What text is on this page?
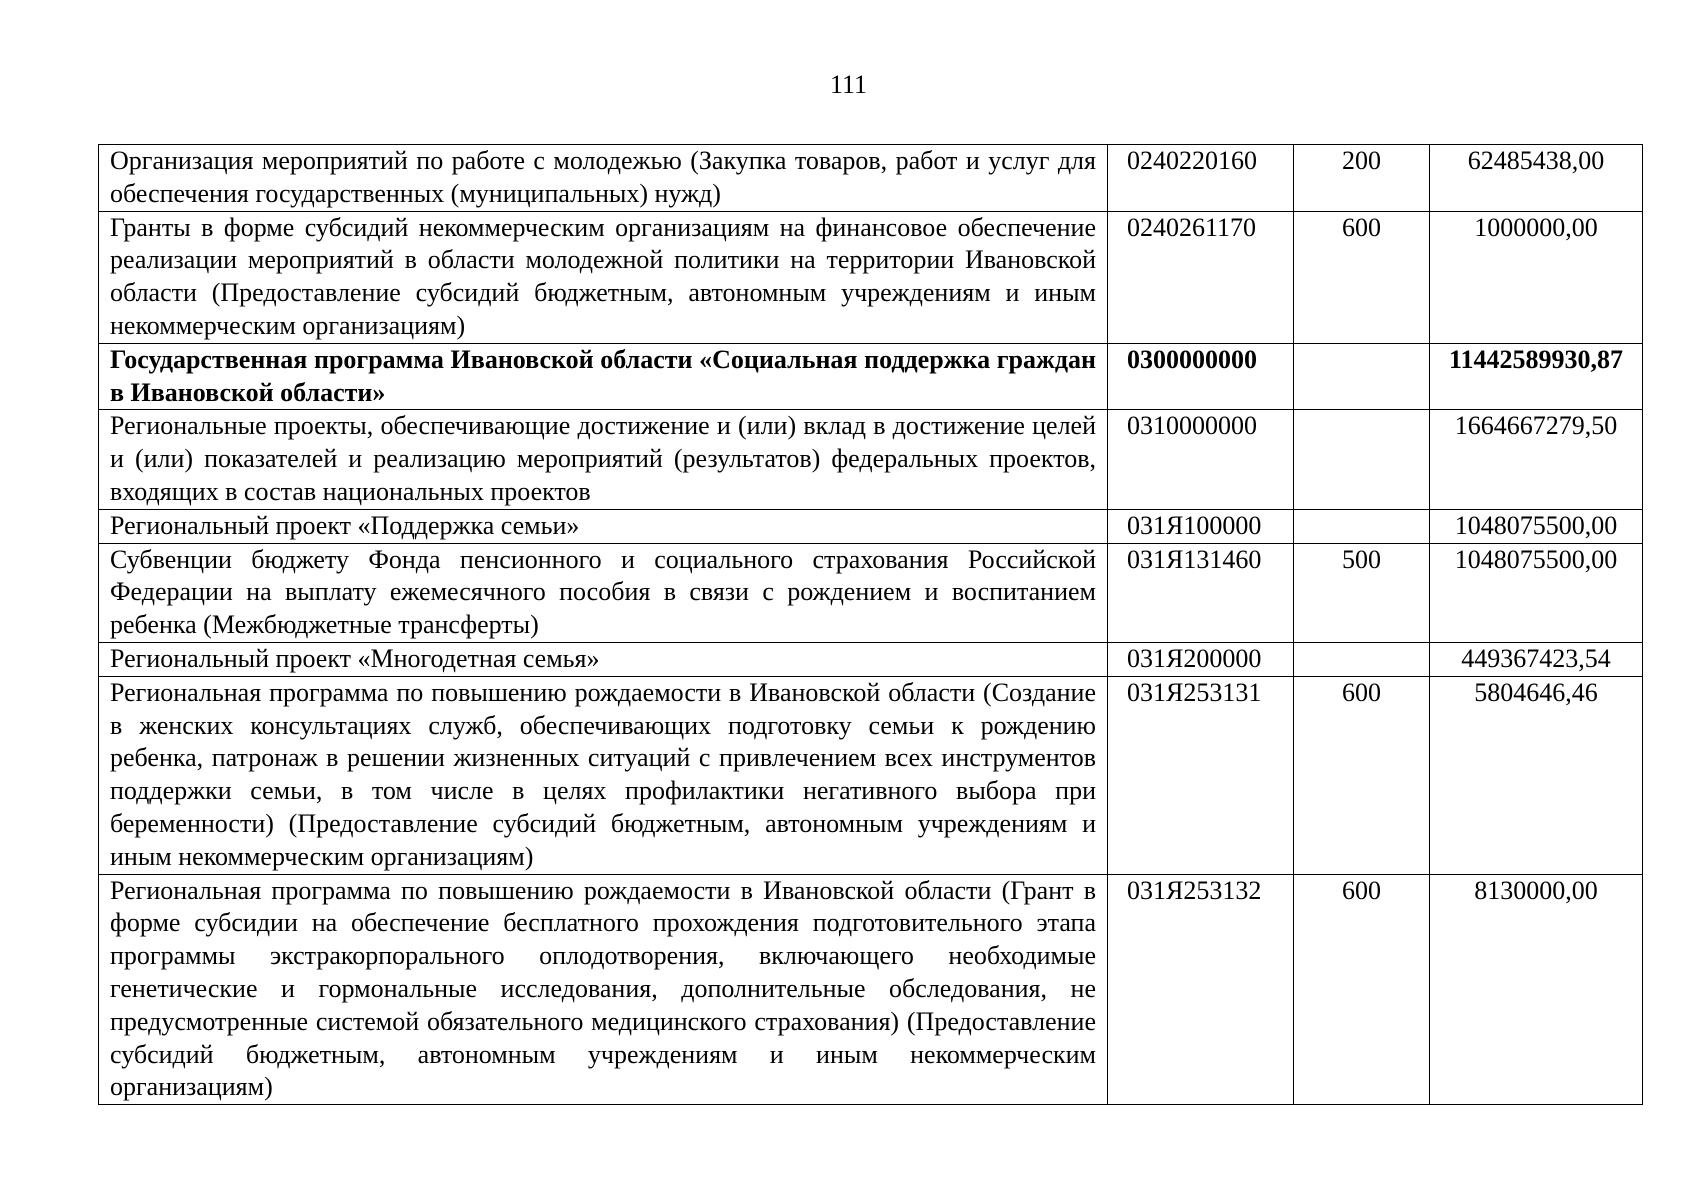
111
Организация мероприятий по работе с молодежью (Закупка товаров, работ и услуг для обеспечения государственных (муниципальных) нужд)	0240220160	200	62485438,00
Гранты в форме субсидий некоммерческим организациям на финансовое обеспечение реализации мероприятий в области молодежной политики на территории Ивановской области (Предоставление субсидий бюджетным, автономным учреждениям и иным некоммерческим организациям)	0240261170	600	1000000,00
Государственная программа Ивановской области «Социальная поддержка граждан в Ивановской области»	0300000000		11442589930,87
Региональные проекты, обеспечивающие достижение и (или) вклад в достижение целей и (или) показателей и реализацию мероприятий (результатов) федеральных проектов, входящих в состав национальных проектов	0310000000		1664667279,50
Региональный проект «Поддержка семьи»	031Я100000		1048075500,00
Субвенции бюджету Фонда пенсионного и социального страхования Российской Федерации на выплату ежемесячного пособия в связи с рождением и воспитанием ребенка (Межбюджетные трансферты)	031Я131460	500	1048075500,00
Региональный проект «Многодетная семья»	031Я200000		449367423,54
Региональная программа по повышению рождаемости в Ивановской области (Создание в женских консультациях служб, обеспечивающих подготовку семьи к рождению ребенка, патронаж в решении жизненных ситуаций с привлечением всех инструментов поддержки семьи, в том числе в целях профилактики негативного выбора при беременности) (Предоставление субсидий бюджетным, автономным учреждениям и иным некоммерческим организациям)	031Я253131	600	5804646,46
Региональная программа по повышению рождаемости в Ивановской области (Грант в форме субсидии на обеспечение бесплатного прохождения подготовительного этапа программы экстракорпорального оплодотворения, включающего необходимые генетические и гормональные исследования, дополнительные обследования, не предусмотренные системой обязательного медицинского страхования) (Предоставление субсидий бюджетным, автономным учреждениям и иным некоммерческим организациям)	031Я253132	600	8130000,00
